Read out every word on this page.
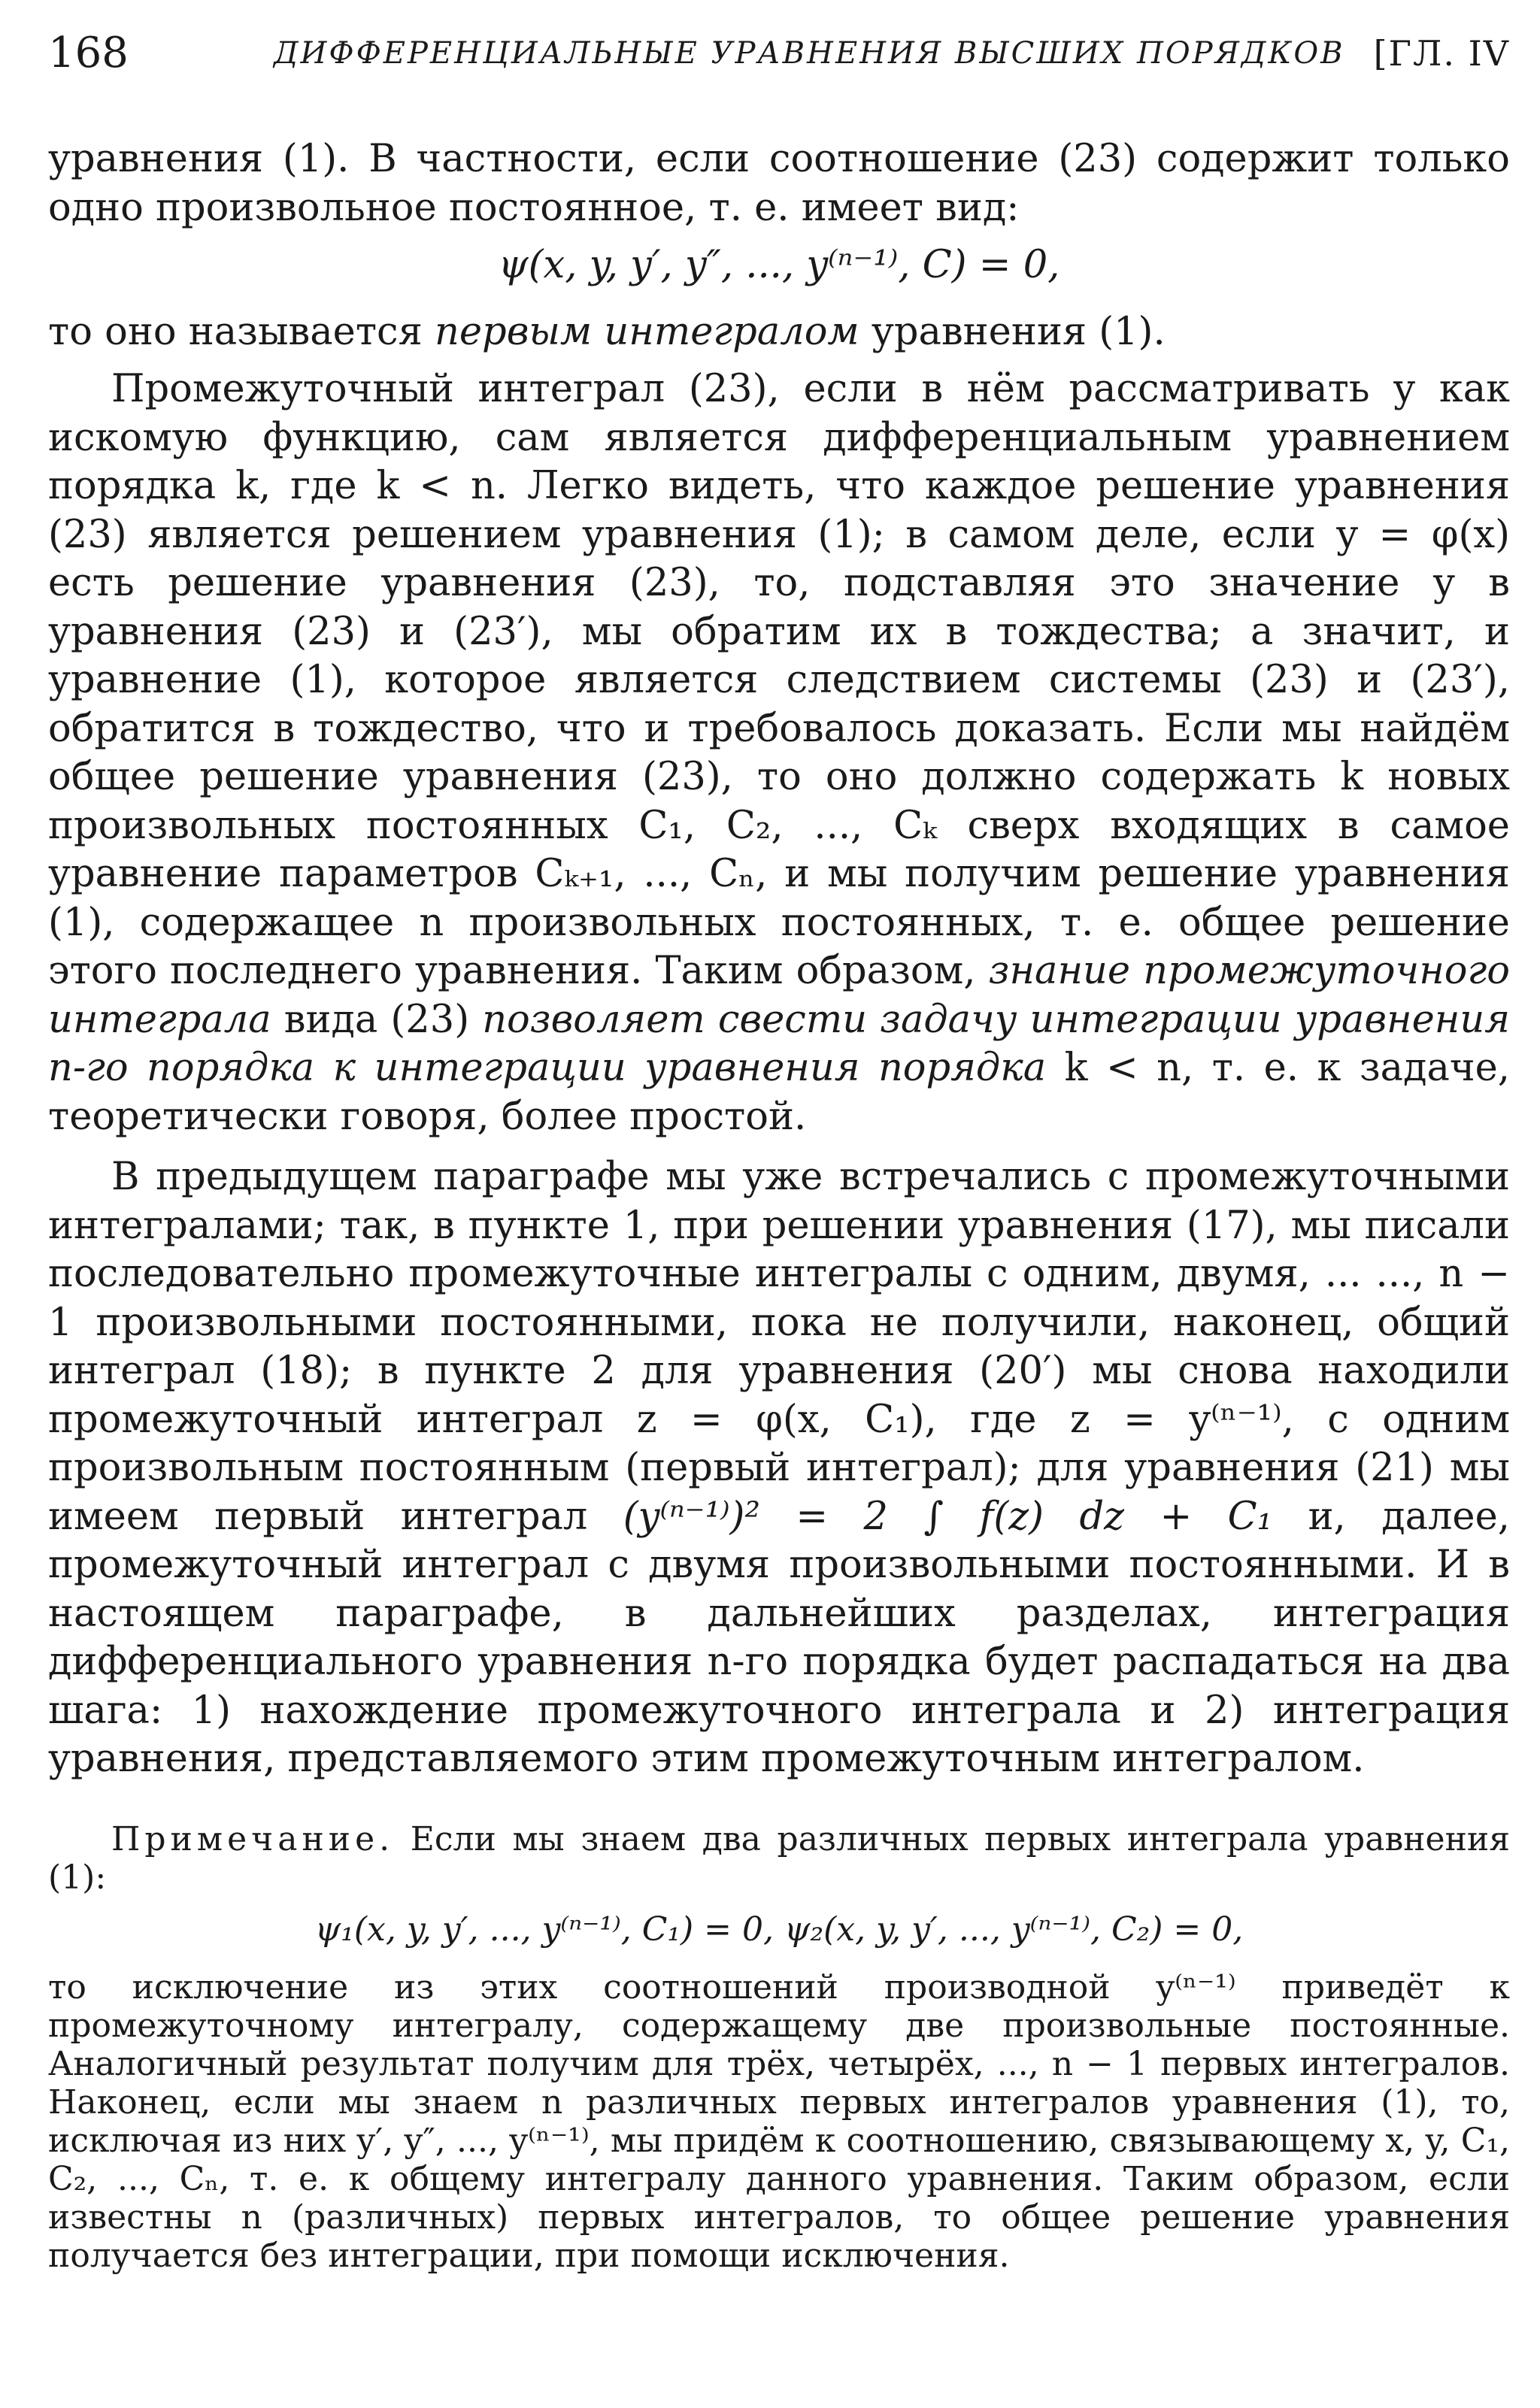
168	ДИФФЕРЕНЦИАЛЬНЫЕ УРАВНЕНИЯ ВЫСШИХ ПОРЯДКОВ [ГЛ. IV

уравнения (1). В частности, если соотношение (23) содержит только одно произвольное постоянное, т. е. имеет вид:

ψ(x, y, y′, y″, ..., y⁽ⁿ⁻¹⁾, C) = 0,

то оно называется первым интегралом уравнения (1).

Промежуточный интеграл (23), если в нём рассматривать y как искомую функцию, сам является дифференциальным уравнением порядка k, где k < n. Легко видеть, что каждое решение уравнения (23) является решением уравнения (1); в самом деле, если y = φ(x) есть решение уравнения (23), то, подставляя это значение y в уравнения (23) и (23′), мы обратим их в тождества; а значит, и уравнение (1), которое является следствием системы (23) и (23′), обратится в тождество, что и требовалось доказать. Если мы найдём общее решение уравнения (23), то оно должно содержать k новых произвольных постоянных C₁, C₂, ..., Cₖ сверх входящих в самое уравнение параметров Cₖ₊₁, ..., Cₙ, и мы получим решение уравнения (1), содержащее n произвольных постоянных, т. е. общее решение этого последнего уравнения. Таким образом, знание промежуточного интеграла вида (23) позволяет свести задачу интеграции уравнения n-го порядка к интеграции уравнения порядка k < n, т. е. к задаче, теоретически говоря, более простой.

В предыдущем параграфе мы уже встречались с промежуточными интегралами; так, в пункте 1, при решении уравнения (17), мы писали последовательно промежуточные интегралы с одним, двумя, ... ..., n − 1 произвольными постоянными, пока не получили, наконец, общий интеграл (18); в пункте 2 для уравнения (20′) мы снова находили промежуточный интеграл z = φ(x, C₁), где z = y⁽ⁿ⁻¹⁾, с одним произвольным постоянным (первый интеграл); для уравнения (21) мы имеем первый интеграл (y⁽ⁿ⁻¹⁾)² = 2 ∫ f(z) dz + C₁ и, далее, промежуточный интеграл с двумя произвольными постоянными. И в настоящем параграфе, в дальнейших разделах, интеграция дифференциального уравнения n-го порядка будет распадаться на два шага: 1) нахождение промежуточного интеграла и 2) интеграция уравнения, представляемого этим промежуточным интегралом.

Примечание. Если мы знаем два различных первых интеграла уравнения (1):

ψ₁(x, y, y′, ..., y⁽ⁿ⁻¹⁾, C₁) = 0, ψ₂(x, y, y′, ..., y⁽ⁿ⁻¹⁾, C₂) = 0,

то исключение из этих соотношений производной y⁽ⁿ⁻¹⁾ приведёт к промежуточному интегралу, содержащему две произвольные постоянные. Аналогичный результат получим для трёх, четырёх, ..., n − 1 первых интегралов. Наконец, если мы знаем n различных первых интегралов уравнения (1), то, исключая из них y′, y″, ..., y⁽ⁿ⁻¹⁾, мы придём к соотношению, связывающему x, y, C₁, C₂, ..., Cₙ, т. е. к общему интегралу данного уравнения. Таким образом, если известны n (различных) первых интегралов, то общее решение уравнения получается без интеграции, при помощи исключения.
